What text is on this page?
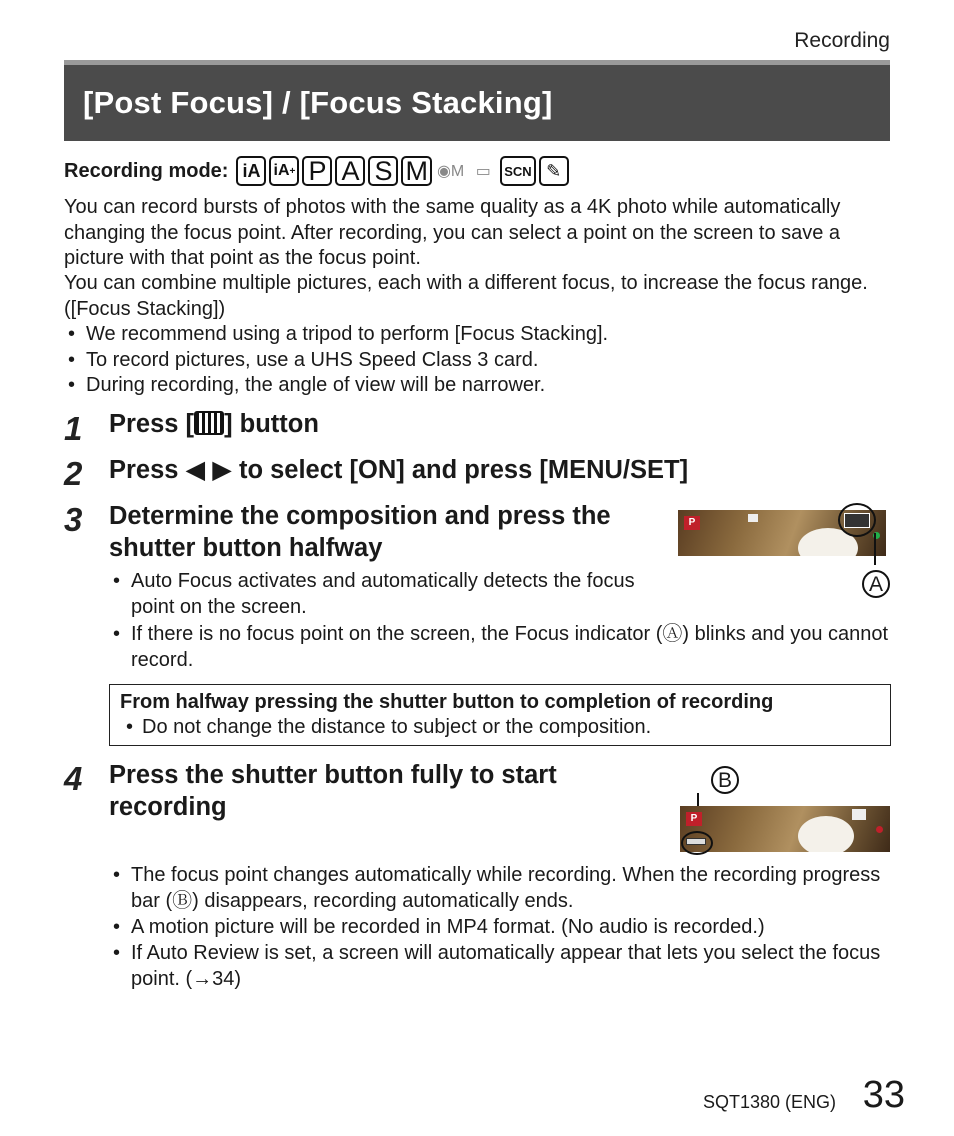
Recording
[Post Focus] / [Focus Stacking]
Recording mode: iA iA + P A S M ◉M ▭	SCN ✎
You can record bursts of photos with the same quality as a 4K photo while automatically changing the focus point. After recording, you can select a point on the screen to save a picture with that point as the focus point.
You can combine multiple pictures, each with a different focus, to increase the focus range. ([Focus Stacking])
• We recommend using a tripod to perform [Focus Stacking].
• To record pictures, use a UHS Speed Class 3 card.
• During recording, the angle of view will be narrower.
1 Press [ ] button
2 Press ◀ ▶ to select [ON] and press [MENU/SET]
3 Determine the composition and press the shutter button halfway
P
A
• Auto Focus activates and automatically detects the focus point on the screen.
• If there is no focus point on the screen, the Focus indicator (Ⓐ) blinks and you cannot record.
From halfway pressing the shutter button to completion of recording
• Do not change the distance to subject or the composition.
4 Press the shutter button fully to start recording
B
P
• The focus point changes automatically while recording. When the recording progress bar (Ⓑ) disappears, recording automatically ends.
• A motion picture will be recorded in MP4 format. (No audio is recorded.)
• If Auto Review is set, a screen will automatically appear that lets you select the focus point. (→34)
SQT1380 (ENG) 33
